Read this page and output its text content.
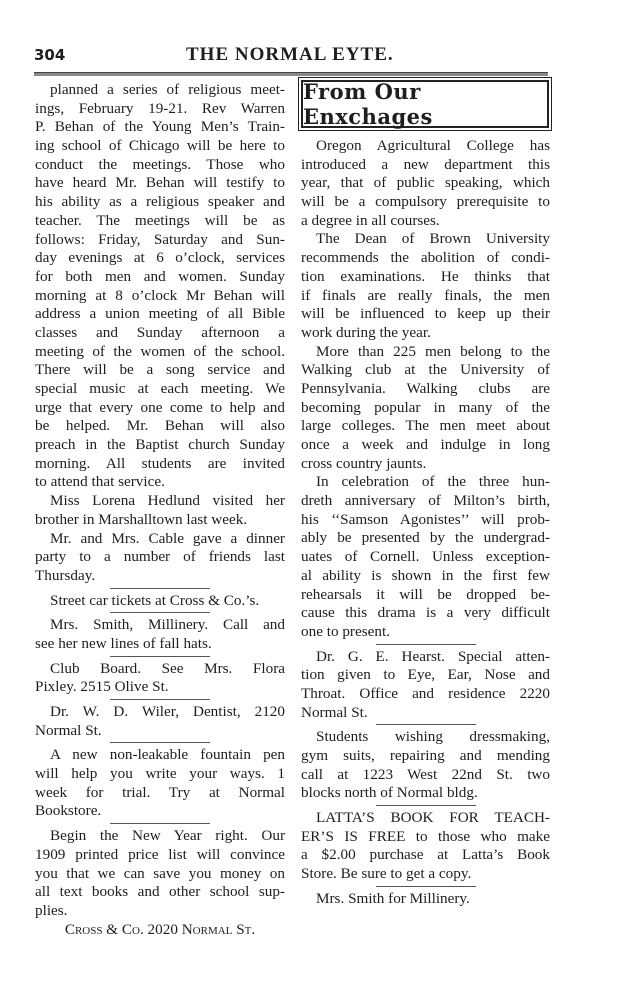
304	THE NORMAL EYTE.
planned a series of religious meet-
ings, February 19-21. Rev Warren
P. Behan of the Young Men’s Train-
ing school of Chicago will be here to
conduct the meetings. Those who
have heard Mr. Behan will testify to
his ability as a religious speaker and
teacher. The meetings will be as
follows: Friday, Saturday and Sun-
day evenings at 6 o’clock, services
for both men and women. Sunday
morning at 8 o’clock Mr Behan will
address a union meeting of all Bible
classes and Sunday afternoon a
meeting of the women of the school.
There will be a song service and
special music at each meeting. We
urge that every one come to help and
be helped. Mr. Behan will also
preach in the Baptist church Sunday
morning. All students are invited
to attend that service.
Miss Lorena Hedlund visited her
brother in Marshalltown last week.
Mr. and Mrs. Cable gave a dinner
party to a number of friends last
Thursday.
Street car tickets at Cross & Co.’s.
Mrs. Smith, Millinery. Call and
see her new lines of fall hats.
Club Board. See Mrs. Flora
Pixley. 2515 Olive St.
Dr. W. D. Wiler, Dentist, 2120
Normal St.
A new non-leakable fountain pen
will help you write your ways. 1
week for trial. Try at Normal
Bookstore.
Begin the New Year right. Our
1909 printed price list will convince
you that we can save you money on
all text books and other school sup-
plies.
Cross & Co. 2020 Normal St.
From Our Enxchages
Oregon Agricultural College has
introduced a new department this
year, that of public speaking, which
will be a compulsory prerequisite to
a degree in all courses.
The Dean of Brown University
recommends the abolition of condi-
tion examinations. He thinks that
if finals are really finals, the men
will be influenced to keep up their
work during the year.
More than 225 men belong to the
Walking club at the University of
Pennsylvania. Walking clubs are
becoming popular in many of the
large colleges. The men meet about
once a week and indulge in long
cross country jaunts.
In celebration of the three hun-
dreth anniversary of Milton’s birth,
his ‘‘Samson Agonistes’’ will prob-
ably be presented by the undergrad-
uates of Cornell. Unless exception-
al ability is shown in the first few
rehearsals it will be dropped be-
cause this drama is a very difficult
one to present.
Dr. G. E. Hearst. Special atten-
tion given to Eye, Ear, Nose and
Throat. Office and residence 2220
Normal St.
Students wishing dressmaking,
gym suits, repairing and mending
call at 1223 West 22nd St. two
blocks north of Normal bldg.
LATTA’S BOOK FOR TEACH-
ER’S IS FREE to those who make
a $2.00 purchase at Latta’s Book
Store. Be sure to get a copy.
Mrs. Smith for Millinery.
